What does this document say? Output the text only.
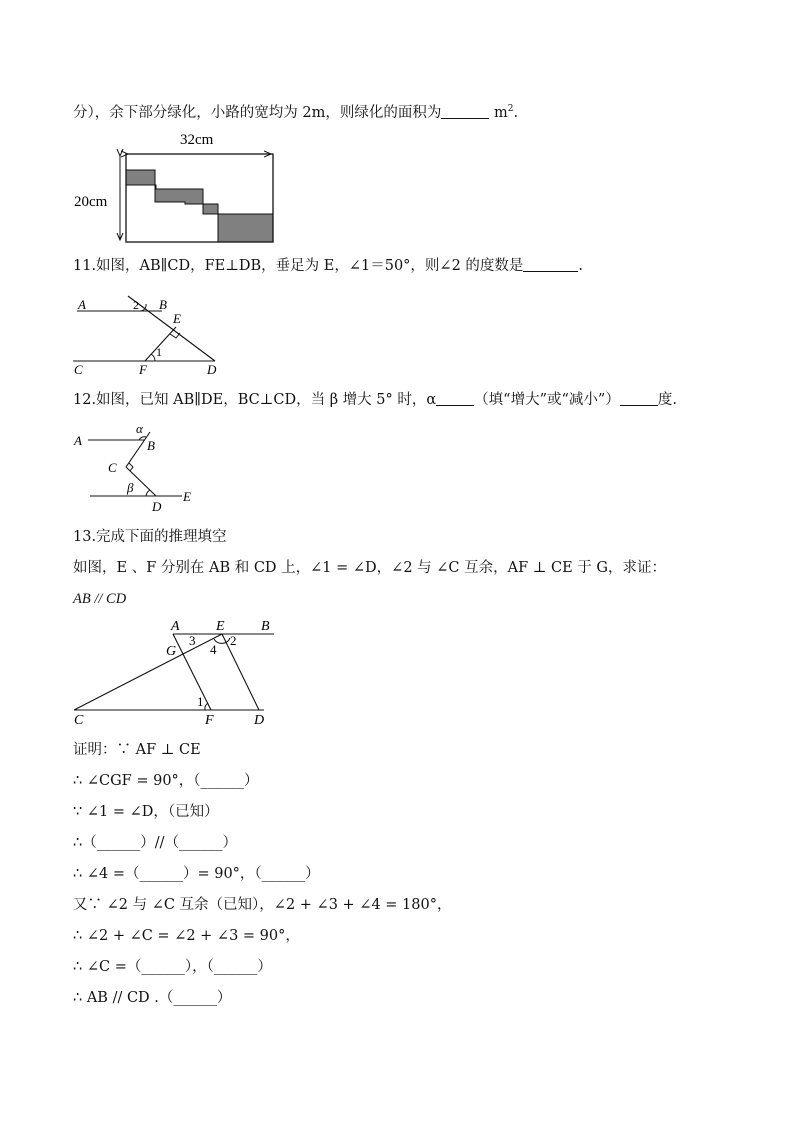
分），余下部分绿化，小路的宽均为 2m，则绿化的面积为	$m^2$.
32cm
20cm
11.如图，AB∥CD，FE⊥DB，垂足为 E，∠1＝50°，则∠2 的度数是	.
A	2 B
E
1
C	F	D
12.如图，已知 AB∥DE，BC⊥CD，当 β 增大 5° 时，α	（填“增大”或“减小”）	度.
A
α
B
C
β
D
E
13.完成下面的推理填空
如图，E 、F 分别在 AB 和 CD 上，∠1 = ∠D，∠2 与 ∠C 互余，AF ⊥ CE 于 G，求证：
AB // CD
A	E	B
3	2
G	4
1
C	F	D
证明：∵ AF ⊥ CE
∴ ∠CGF = 90°，（______）
∵ ∠1 = ∠D，（已知）
∴（______）//（______）
∴ ∠4 =（______）= 90°，（______）
又∵ ∠2 与 ∠C 互余（已知），∠2 + ∠3 + ∠4 = 180°，
∴ ∠2 + ∠C = ∠2 + ∠3 = 90°，
∴ ∠C =（______），（______）
∴ AB // CD .（______）
